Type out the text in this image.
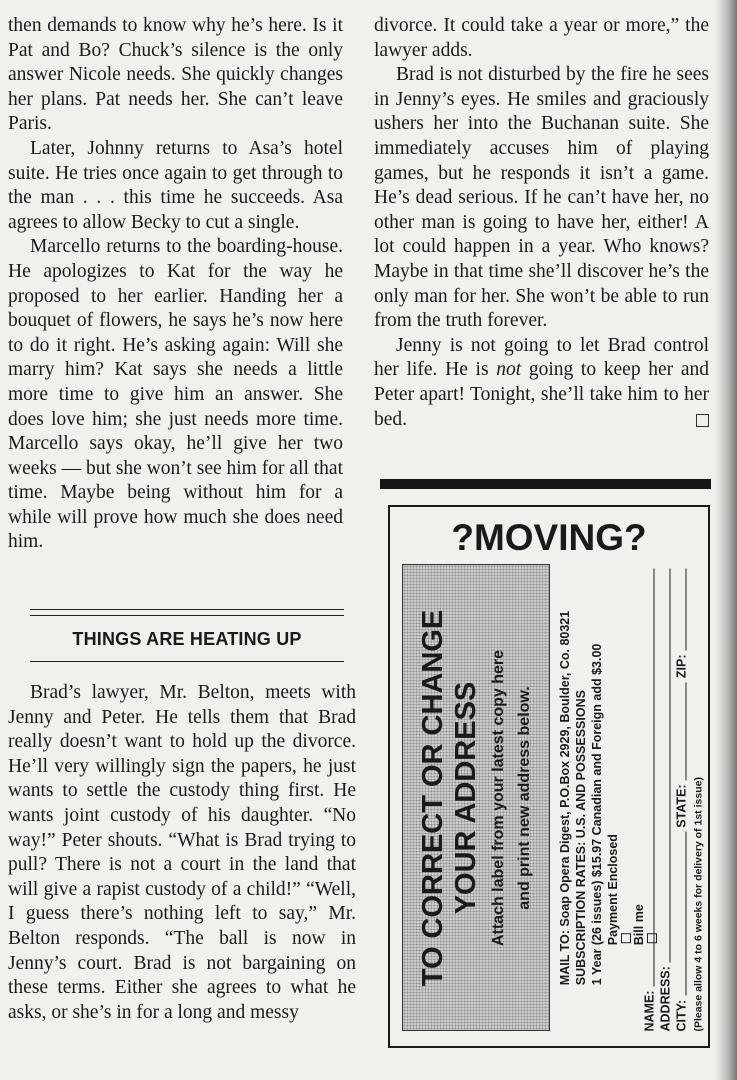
then demands to know why he’s here. Is it Pat and Bo? Chuck’s silence is the only answer Nicole needs. She quickly changes her plans. Pat needs her. She can’t leave Paris.

Later, Johnny returns to Asa’s hotel suite. He tries once again to get through to the man . . . this time he succeeds. Asa agrees to allow Becky to cut a single.

Marcello returns to the boarding-house. He apologizes to Kat for the way he proposed to her earlier. Handing her a bouquet of flowers, he says he’s now here to do it right. He’s asking again: Will she marry him? Kat says she needs a little more time to give him an answer. She does love him; she just needs more time. Marcello says okay, he’ll give her two weeks — but she won’t see him for all that time. Maybe being without him for a while will prove how much she does need him.

THINGS ARE HEATING UP

Brad’s lawyer, Mr. Belton, meets with Jenny and Peter. He tells them that Brad really doesn’t want to hold up the divorce. He’ll very willingly sign the papers, he just wants to settle the custody thing first. He wants joint custody of his daughter. “No way!” Peter shouts. “What is Brad trying to pull? There is not a court in the land that will give a rapist custody of a child!” “Well, I guess there’s nothing left to say,” Mr. Belton responds. “The ball is now in Jenny’s court. Brad is not bargaining on these terms. Either she agrees to what he asks, or she’s in for a long and messy

divorce. It could take a year or more,” the lawyer adds.

Brad is not disturbed by the fire he sees in Jenny’s eyes. He smiles and graciously ushers her into the Buchanan suite. She immediately accuses him of playing games, but he responds it isn’t a game. He’s dead serious. If he can’t have her, no other man is going to have her, either! A lot could happen in a year. Who knows? Maybe in that time she’ll discover he’s the only man for her. She won’t be able to run from the truth forever.

Jenny is not going to let Brad control her life. He is not going to keep her and Peter apart! Tonight, she’ll take him to her bed.

?MOVING?
TO CORRECT OR CHANGE YOUR ADDRESS Attach label from your latest copy here and print new address below. MAIL TO: Soap Opera Digest, P.O.Box 2929, Boulder, Co. 80321 SUBSCRIPTION RATES: U.S. AND POSSESSIONS 1 Year (26 issues) $15.97 Canadian and Foreign add $3.00 Payment Enclosed Bill me
NAME: ADDRESS: CITY:
STATE:
ZIP:
(Please allow 4 to 6 weeks for delivery of 1st issue)
